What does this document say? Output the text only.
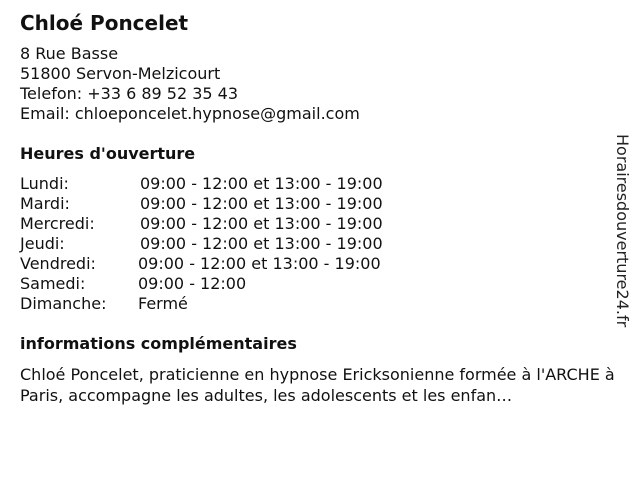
Chloé Poncelet
8 Rue Basse
51800 Servon-Melzicourt
Telefon: +33 6 89 52 35 43
Email: chloeponcelet.hypnose@gmail.com
Heures d'ouverture
Lundi:	09:00 - 12:00 et 13:00 - 19:00
Mardi:	09:00 - 12:00 et 13:00 - 19:00
Mercredi:	09:00 - 12:00 et 13:00 - 19:00
Jeudi:	09:00 - 12:00 et 13:00 - 19:00
Vendredi:	09:00 - 12:00 et 13:00 - 19:00
Samedi:	09:00 - 12:00
Dimanche: Fermé
informations complémentaires
Chloé Poncelet, praticienne en hypnose Ericksonienne formée à l'ARCHE à Paris, accompagne les adultes, les adolescents et les enfan…
Horairesdouverture24.fr
